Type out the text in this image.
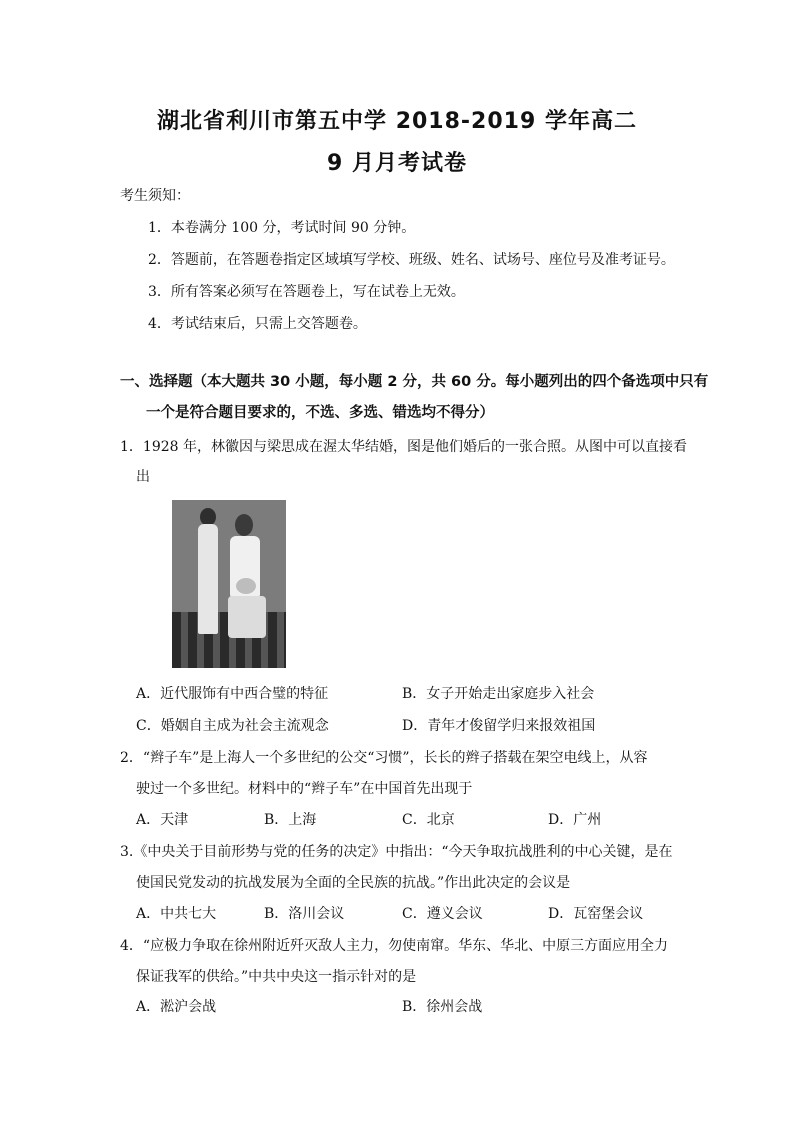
湖北省利川市第五中学 2018-2019 学年高二
9 月月考试卷
考生须知：
1．本卷满分 100 分，考试时间 90 分钟。
2．答题前，在答题卷指定区域填写学校、班级、姓名、试场号、座位号及准考证号。
3．所有答案必须写在答题卷上，写在试卷上无效。
4．考试结束后，只需上交答题卷。
一、选择题（本大题共 30 小题，每小题 2 分，共 60 分。每小题列出的四个备选项中只有
一个是符合题目要求的，不选、多选、错选均不得分）
1．1928 年，林徽因与梁思成在渥太华结婚，图是他们婚后的一张合照。从图中可以直接看
出
A．近代服饰有中西合璧的特征	B．女子开始走出家庭步入社会
C．婚姻自主成为社会主流观念	D．青年才俊留学归来报效祖国
2．“辫子车”是上海人一个多世纪的公交“习惯”，长长的辫子搭载在架空电线上，从容
驶过一个多世纪。材料中的“辫子车”在中国首先出现于
A．天津	B．上海	C．北京	D．广州
3.《中央关于目前形势与党的任务的决定》中指出：“今天争取抗战胜利的中心关键，是在
使国民党发动的抗战发展为全面的全民族的抗战。”作出此决定的会议是
A．中共七大	B．洛川会议	C．遵义会议	D．瓦窑堡会议
4．“应极力争取在徐州附近歼灭敌人主力，勿使南窜。华东、华北、中原三方面应用全力
保证我军的供给。”中共中央这一指示针对的是
A．淞沪会战	B．徐州会战
